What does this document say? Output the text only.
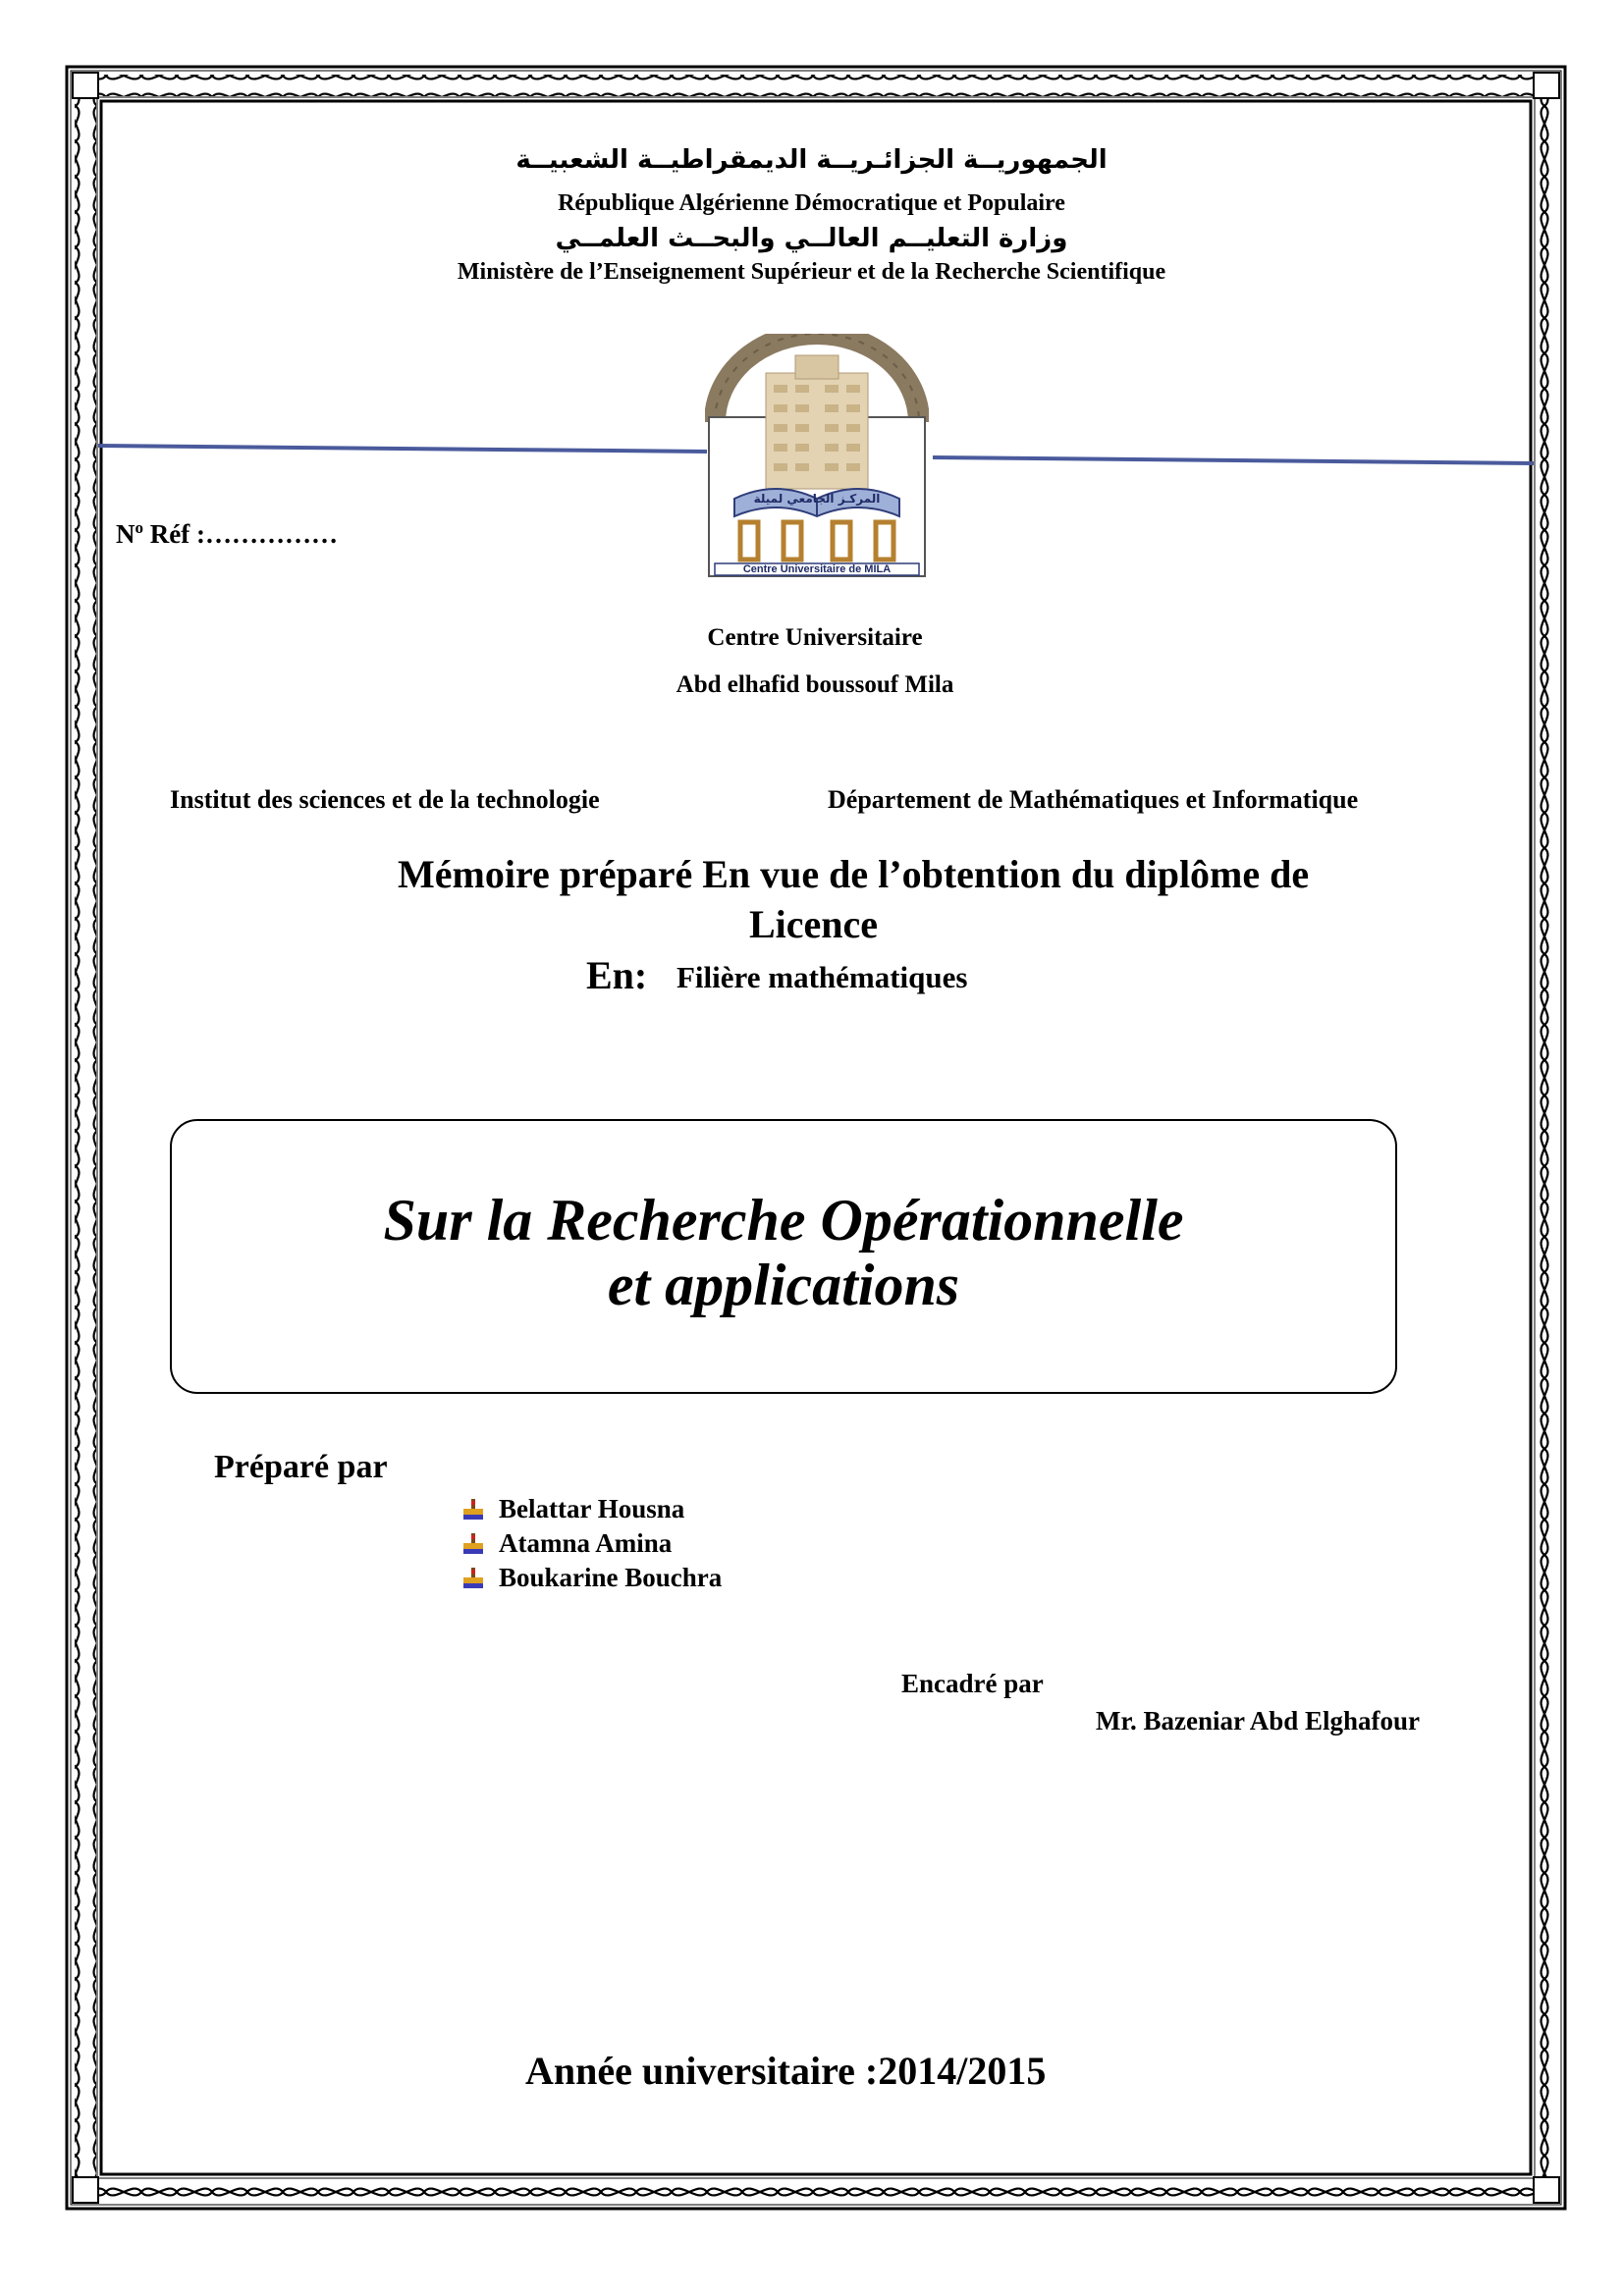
الجمهوريــة الجزائـريــة الديمقراطيــة الشعبيــة

République Algérienne Démocratique et Populaire

وزارة التعليــم العالــي والبحــث العلمــي

Ministère de l’Enseignement Supérieur et de la Recherche Scientifique

المركـز الجامعي لميلة
Centre Universitaire de MILA

$N^o$ Réf :……………

Centre Universitaire

Abd elhafid boussouf Mila

Institut des sciences et de la technologie	Département de Mathématiques et Informatique

Mémoire préparé En vue de l’obtention du diplôme de

Licence

En: Filière mathématiques

Sur la Recherche Opérationnelle

et applications

Préparé par

Belattar Housna
Atamna Amina
Boukarine Bouchra

Encadré par

Mr. Bazeniar Abd Elghafour

Année universitaire :2014/2015
